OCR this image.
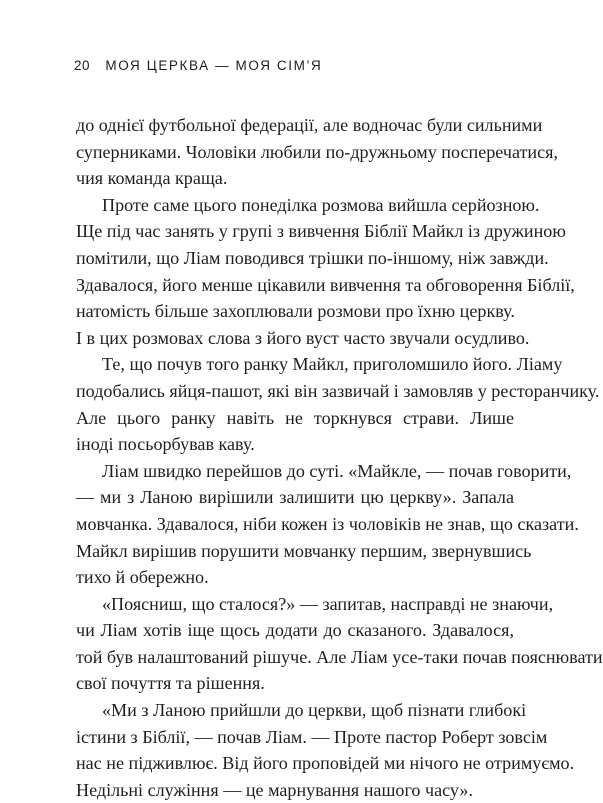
20 МОЯ ЦЕРКВА — МОЯ СІМ’Я
до однієї футбольної федерації, але водночас були сильними
суперниками. Чоловіки любили по-дружньому посперечатися,
чия команда краща.
Проте саме цього понеділка розмова вийшла серйозною.
Ще під час занять у групі з вивчення Біблії Майкл із дружиною
помітили, що Ліам поводився трішки по-іншому, ніж завжди.
Здавалося, його менше цікавили вивчення та обговорення Біблії,
натомість більше захоплювали розмови про їхню церкву.
І в цих розмовах слова з його вуст часто звучали осудливо.
Те, що почув того ранку Майкл, приголомшило його. Ліаму
подобались яйця-пашот, які він зазвичай і замовляв у ресторанчику.
Але цього ранку навіть не торкнувся страви. Лише
іноді посьорбував каву.
Ліам швидко перейшов до суті. «Майкле, — почав говорити,
— ми з Ланою вирішили залишити цю церкву». Запала
мовчанка. Здавалося, ніби кожен із чоловіків не знав, що сказати.
Майкл вирішив порушити мовчанку першим, звернувшись
тихо й обережно.
«Поясниш, що сталося?» — запитав, насправді не знаючи,
чи Ліам хотів іще щось додати до сказаного. Здавалося,
той був налаштований рішуче. Але Ліам усе-таки почав пояснювати
свої почуття та рішення.
«Ми з Ланою прийшли до церкви, щоб пізнати глибокі
істини з Біблії, — почав Ліам. — Проте пастор Роберт зовсім
нас не підживлює. Від його проповідей ми нічого не отримуємо.
Недільні служіння — це марнування нашого часу».
